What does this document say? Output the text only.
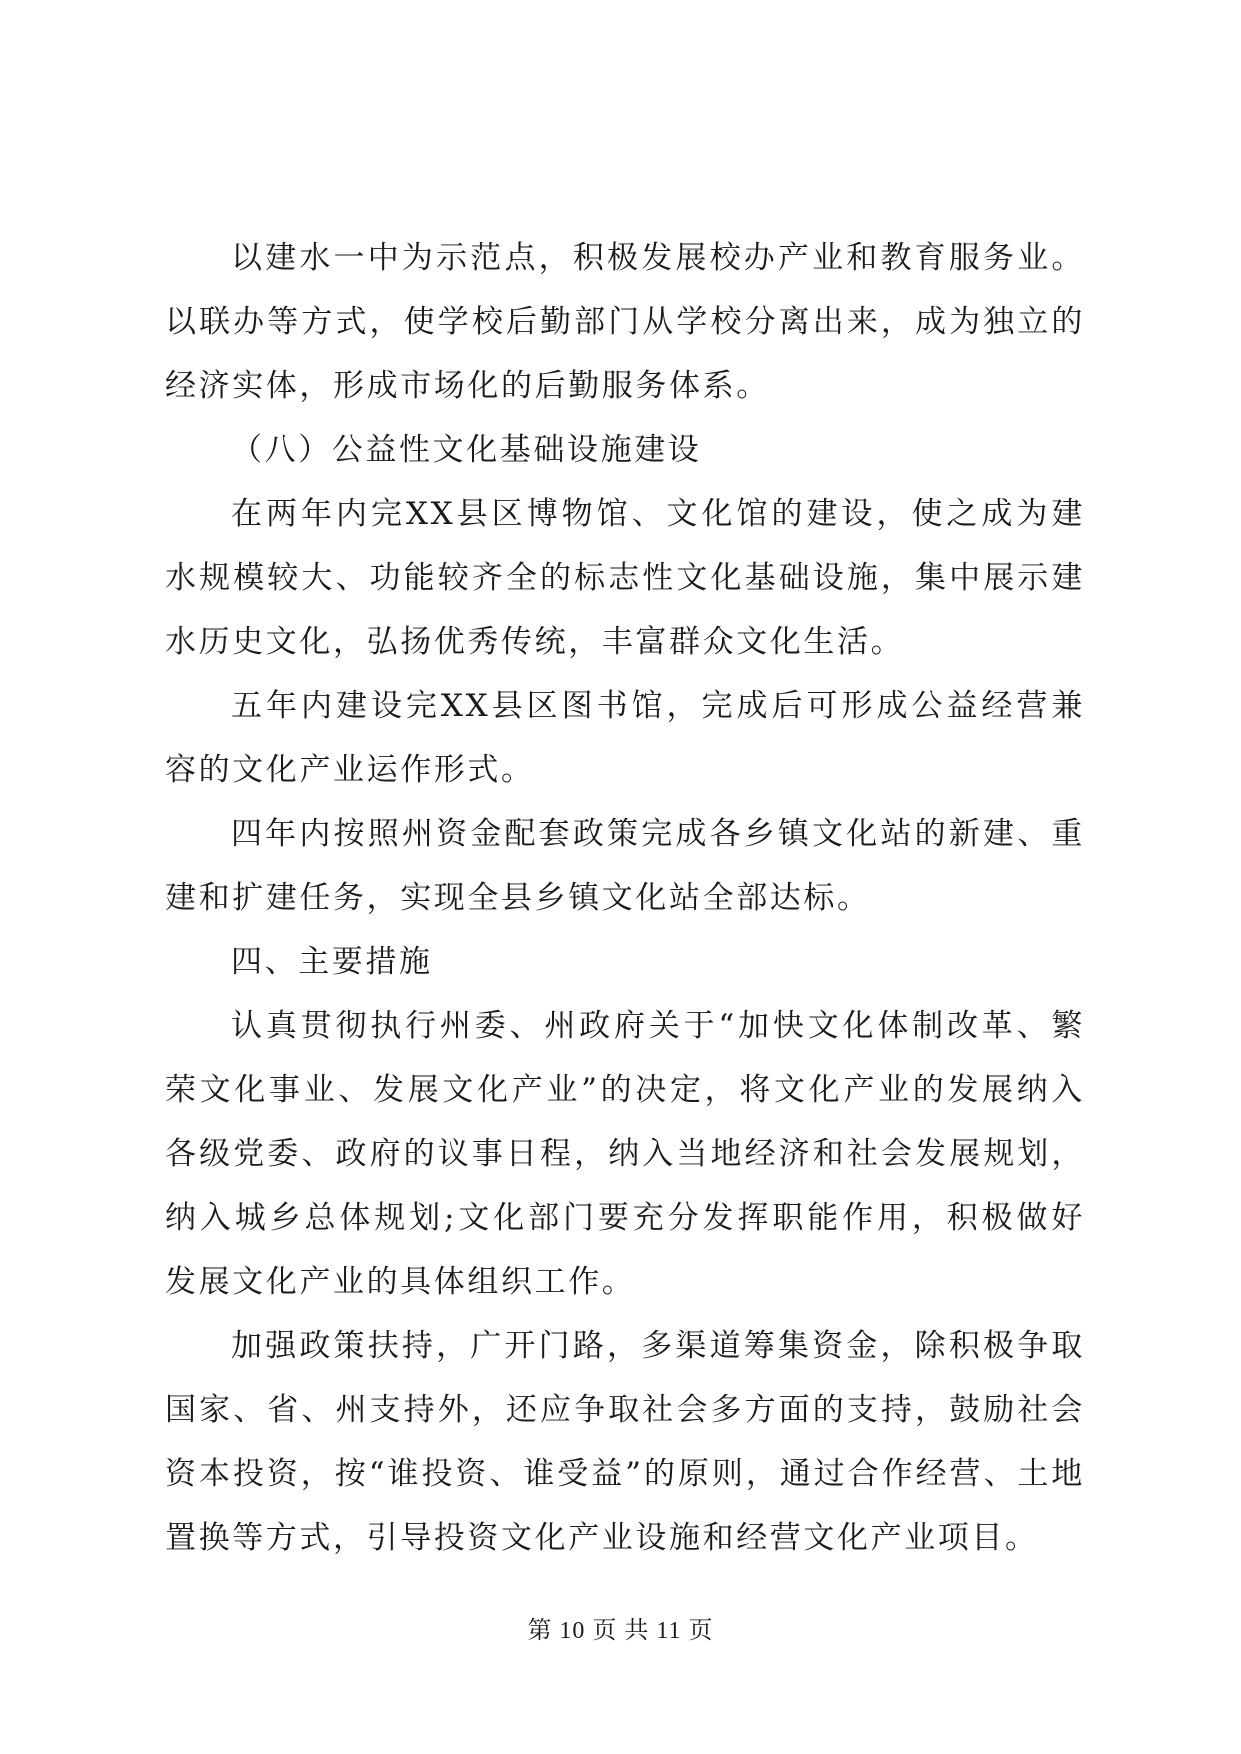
以建水一中为示范点，积极发展校办产业和教育服务业。以联办等方式，使学校后勤部门从学校分离出来，成为独立的经济实体，形成市场化的后勤服务体系。

（八）公益性文化基础设施建设

在两年内完XX县区博物馆、文化馆的建设，使之成为建水规模较大、功能较齐全的标志性文化基础设施，集中展示建水历史文化，弘扬优秀传统，丰富群众文化生活。

五年内建设完XX县区图书馆，完成后可形成公益经营兼容的文化产业运作形式。

四年内按照州资金配套政策完成各乡镇文化站的新建、重建和扩建任务，实现全县乡镇文化站全部达标。

四、主要措施

认真贯彻执行州委、州政府关于“加快文化体制改革、繁荣文化事业、发展文化产业”的决定，将文化产业的发展纳入各级党委、政府的议事日程，纳入当地经济和社会发展规划，纳入城乡总体规划;文化部门要充分发挥职能作用，积极做好发展文化产业的具体组织工作。

加强政策扶持，广开门路，多渠道筹集资金，除积极争取国家、省、州支持外，还应争取社会多方面的支持，鼓励社会资本投资，按“谁投资、谁受益”的原则，通过合作经营、土地置换等方式，引导投资文化产业设施和经营文化产业项目。

第 10 页 共 11 页
